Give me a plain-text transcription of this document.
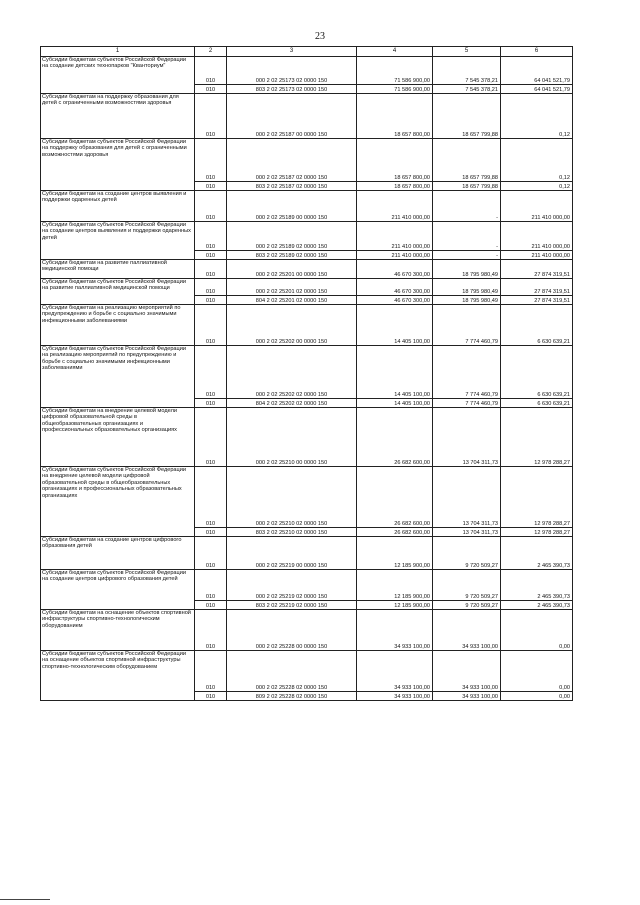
23
1	2	3	4	5	6
Субсидии бюджетам субъектов Российской Федерации на создание детских технопарков "Кванториум"	010	000 2 02 25173 02 0000 150	71 586 900,00	7 545 378,21	64 041 521,79
	010	803 2 02 25173 02 0000 150	71 586 900,00	7 545 378,21	64 041 521,79
Субсидии бюджетам на поддержку образования для детей с ограниченными возможностями здоровья	010	000 2 02 25187 00 0000 150	18 657 800,00	18 657 799,88	0,12
Субсидии бюджетам субъектов Российской Федерации на поддержку образования для детей с ограниченными возможностями здоровья	010	000 2 02 25187 02 0000 150	18 657 800,00	18 657 799,88	0,12
	010	803 2 02 25187 02 0000 150	18 657 800,00	18 657 799,88	0,12
Субсидии бюджетам на создание центров выявления и поддержки одаренных детей	010	000 2 02 25189 00 0000 150	211 410 000,00	-	211 410 000,00
Субсидии бюджетам субъектов Российской Федерации на создание центров выявления и поддержки одаренных детей	010	000 2 02 25189 02 0000 150	211 410 000,00	-	211 410 000,00
	010	803 2 02 25189 02 0000 150	211 410 000,00	-	211 410 000,00
Субсидии бюджетам на развитие паллиативной медицинской помощи	010	000 2 02 25201 00 0000 150	46 670 300,00	18 795 980,49	27 874 319,51
Субсидии бюджетам субъектов Российской Федерации на развитие паллиативной медицинской помощи	010	000 2 02 25201 02 0000 150	46 670 300,00	18 795 980,49	27 874 319,51
	010	804 2 02 25201 02 0000 150	46 670 300,00	18 795 980,49	27 874 319,51
Субсидии бюджетам на реализацию мероприятий по предупреждению и борьбе с социально значимыми инфекционными заболеваниями	010	000 2 02 25202 00 0000 150	14 405 100,00	7 774 460,79	6 630 639,21
Субсидии бюджетам субъектов Российской Федерации на реализацию мероприятий по предупреждению и борьбе с социально значимыми инфекционными заболеваниями	010	000 2 02 25202 02 0000 150	14 405 100,00	7 774 460,79	6 630 639,21
	010	804 2 02 25202 02 0000 150	14 405 100,00	7 774 460,79	6 630 639,21
Субсидии бюджетам на внедрение целевой модели цифровой образовательной среды в общеобразовательных организациях и профессиональных образовательных организациях	010	000 2 02 25210 00 0000 150	26 682 600,00	13 704 311,73	12 978 288,27
Субсидии бюджетам субъектов Российской Федерации на внедрение целевой модели цифровой образовательной среды в общеобразовательных организациях и профессиональных образовательных организациях	010	000 2 02 25210 02 0000 150	26 682 600,00	13 704 311,73	12 978 288,27
	010	803 2 02 25210 02 0000 150	26 682 600,00	13 704 311,73	12 978 288,27
Субсидии бюджетам на создание центров цифрового образования детей	010	000 2 02 25219 00 0000 150	12 185 900,00	9 720 509,27	2 465 390,73
Субсидии бюджетам субъектов Российской Федерации на создание центров цифрового образования детей	010	000 2 02 25219 02 0000 150	12 185 900,00	9 720 509,27	2 465 390,73
	010	803 2 02 25219 02 0000 150	12 185 900,00	9 720 509,27	2 465 390,73
Субсидии бюджетам на оснащение объектов спортивной инфраструктуры спортивно-технологическим оборудованием	010	000 2 02 25228 00 0000 150	34 933 100,00	34 933 100,00	0,00
Субсидии бюджетам субъектов Российской Федерации на оснащение объектов спортивной инфраструктуры спортивно-технологическим оборудованием	010	000 2 02 25228 02 0000 150	34 933 100,00	34 933 100,00	0,00
	010	809 2 02 25228 02 0000 150	34 933 100,00	34 933 100,00	0,00
